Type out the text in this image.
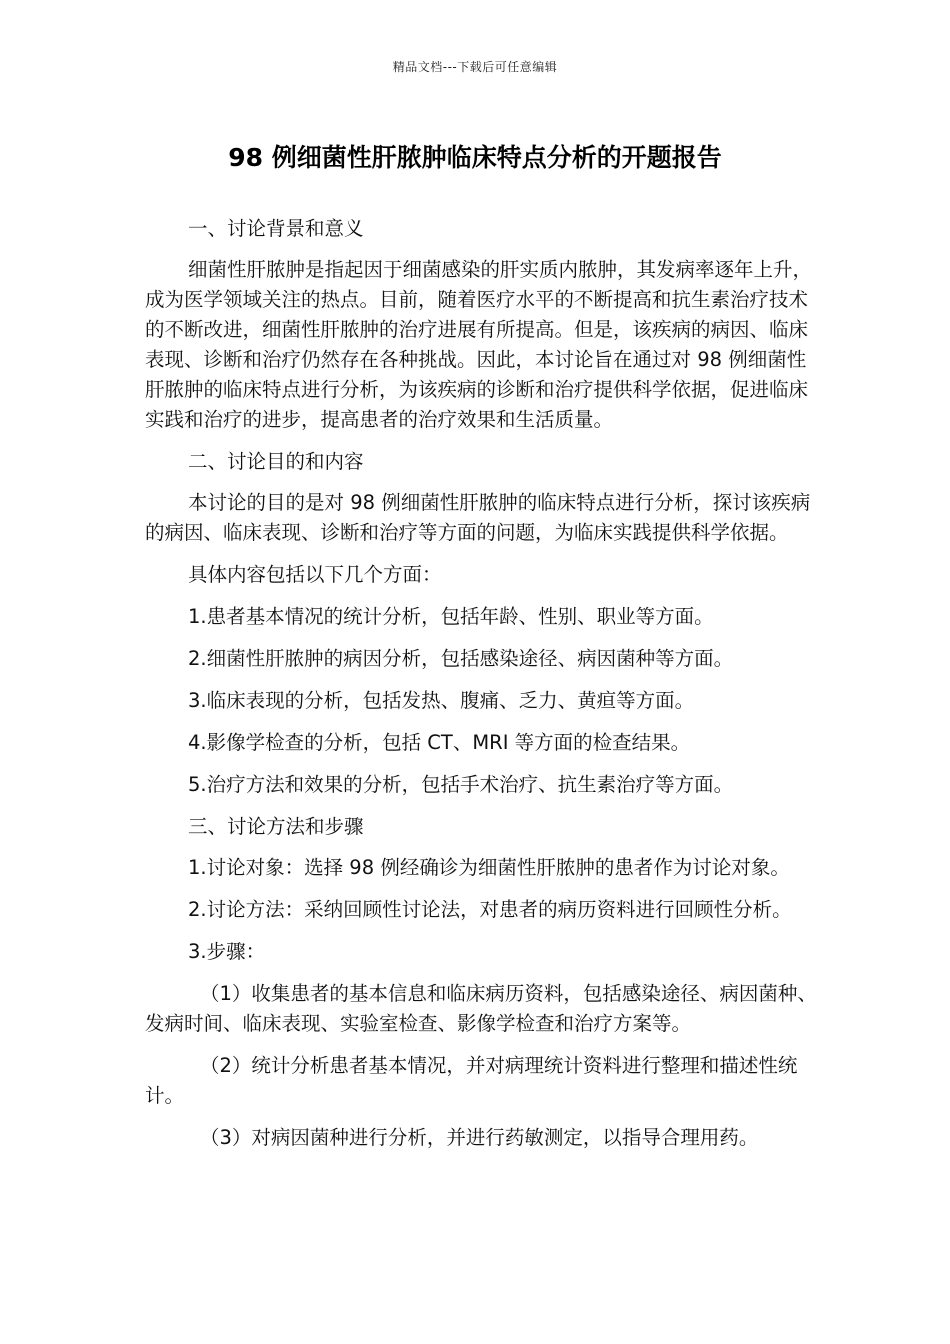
精品文档---下载后可任意编辑
98 例细菌性肝脓肿临床特点分析的开题报告

一、讨论背景和意义

细菌性肝脓肿是指起因于细菌感染的肝实质内脓肿，其发病率逐年上升，成为医学领域关注的热点。目前，随着医疗水平的不断提高和抗生素治疗技术的不断改进，细菌性肝脓肿的治疗进展有所提高。但是，该疾病的病因、临床表现、诊断和治疗仍然存在各种挑战。因此，本讨论旨在通过对 98 例细菌性肝脓肿的临床特点进行分析，为该疾病的诊断和治疗提供科学依据，促进临床实践和治疗的进步，提高患者的治疗效果和生活质量。

二、讨论目的和内容

本讨论的目的是对 98 例细菌性肝脓肿的临床特点进行分析，探讨该疾病的病因、临床表现、诊断和治疗等方面的问题，为临床实践提供科学依据。

具体内容包括以下几个方面：

1.患者基本情况的统计分析，包括年龄、性别、职业等方面。

2.细菌性肝脓肿的病因分析，包括感染途径、病因菌种等方面。

3.临床表现的分析，包括发热、腹痛、乏力、黄疸等方面。

4.影像学检查的分析，包括 CT、MRI 等方面的检查结果。

5.治疗方法和效果的分析，包括手术治疗、抗生素治疗等方面。

三、讨论方法和步骤

1.讨论对象：选择 98 例经确诊为细菌性肝脓肿的患者作为讨论对象。

2.讨论方法：采纳回顾性讨论法，对患者的病历资料进行回顾性分析。

3.步骤：

（1）收集患者的基本信息和临床病历资料，包括感染途径、病因菌种、发病时间、临床表现、实验室检查、影像学检查和治疗方案等。

（2）统计分析患者基本情况，并对病理统计资料进行整理和描述性统计。

（3）对病因菌种进行分析，并进行药敏测定，以指导合理用药。
